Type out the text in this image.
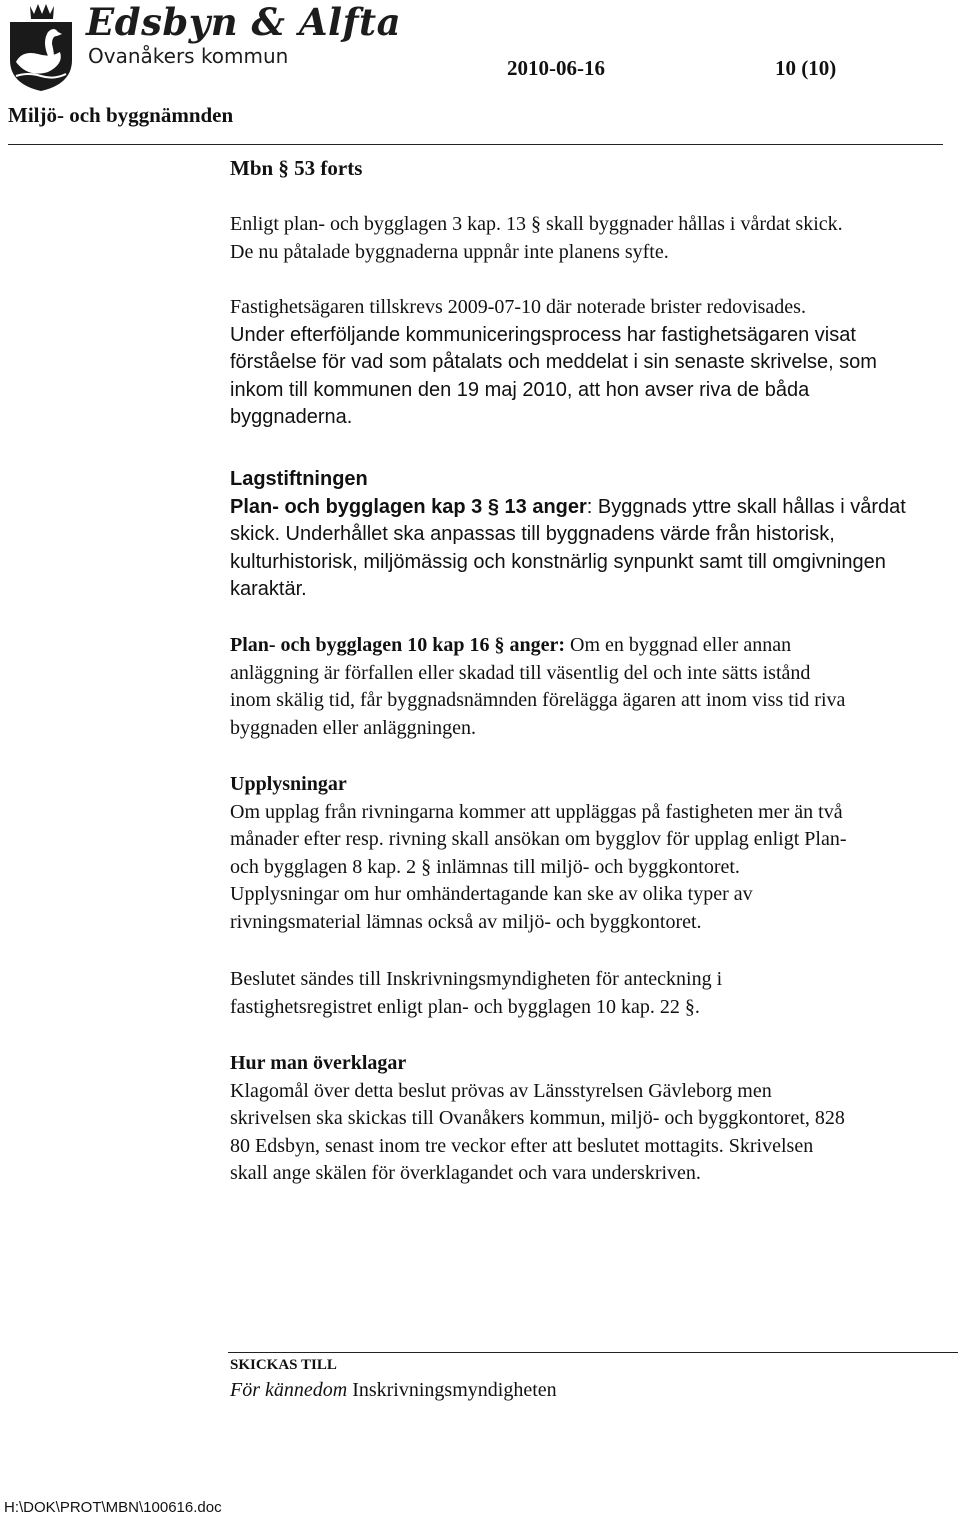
Edsbyn & Alfta
Ovanåkers kommun	2010-06-16	10 (10)
Miljö- och byggnämnden
Mbn § 53 forts

Enligt plan- och bygglagen 3 kap. 13 § skall byggnader hållas i vårdat skick.

De nu påtalade byggnaderna uppnår inte planens syfte.

Fastighetsägaren tillskrevs 2009-07-10 där noterade brister redovisades.

Under efterföljande kommuniceringsprocess har fastighetsägaren visat

förståelse för vad som påtalats och meddelat i sin senaste skrivelse, som

inkom till kommunen den 19 maj 2010, att hon avser riva de båda

byggnaderna.

Lagstiftningen

Plan- och bygglagen kap 3 § 13 anger: Byggnads yttre skall hållas i vårdat

skick. Underhållet ska anpassas till byggnadens värde från historisk,

kulturhistorisk, miljömässig och konstnärlig synpunkt samt till omgivningen

karaktär.

Plan- och bygglagen 10 kap 16 § anger: Om en byggnad eller annan

anläggning är förfallen eller skadad till väsentlig del och inte sätts istånd

inom skälig tid, får byggnadsnämnden förelägga ägaren att inom viss tid riva

byggnaden eller anläggningen.

Upplysningar

Om upplag från rivningarna kommer att uppläggas på fastigheten mer än två

månader efter resp. rivning skall ansökan om bygglov för upplag enligt Plan-

och bygglagen 8 kap. 2 § inlämnas till miljö- och byggkontoret.

Upplysningar om hur omhändertagande kan ske av olika typer av

rivningsmaterial lämnas också av miljö- och byggkontoret.

Beslutet sändes till Inskrivningsmyndigheten för anteckning i

fastighetsregistret enligt plan- och bygglagen 10 kap. 22 §.

Hur man överklagar

Klagomål över detta beslut prövas av Länsstyrelsen Gävleborg men

skrivelsen ska skickas till Ovanåkers kommun, miljö- och byggkontoret, 828

80 Edsbyn, senast inom tre veckor efter att beslutet mottagits. Skrivelsen

skall ange skälen för överklagandet och vara underskriven.

SKICKAS TILL
För kännedom Inskrivningsmyndigheten
H:\DOK\PROT\MBN\100616.doc
